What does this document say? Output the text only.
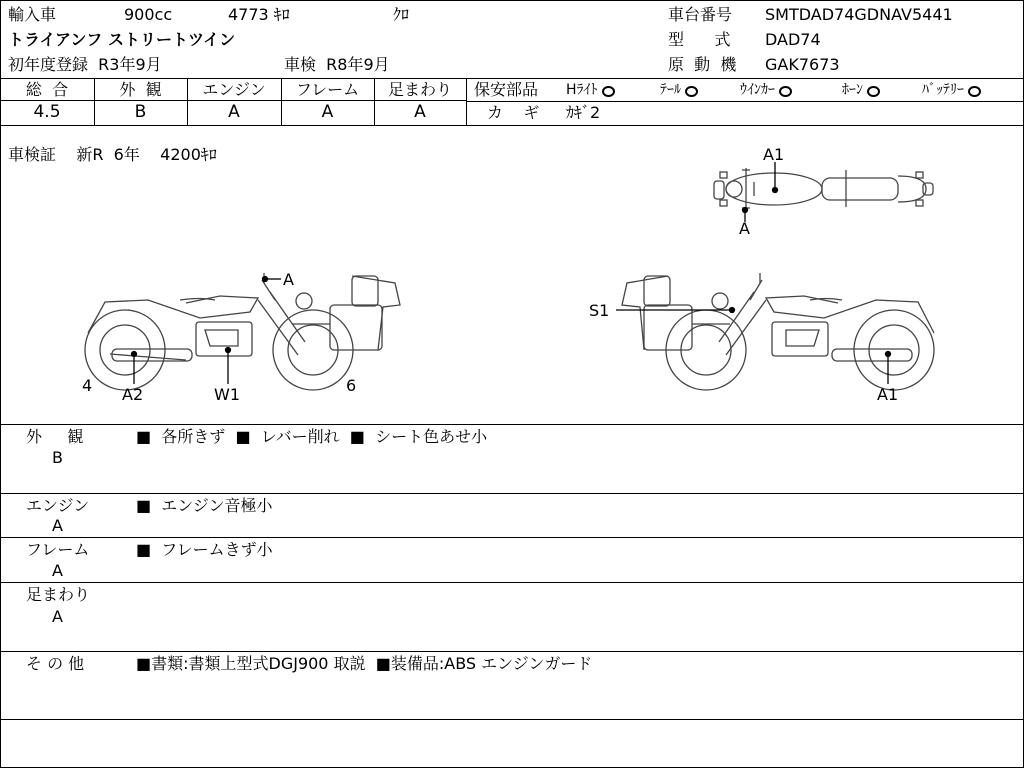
輸入車	900cc	4773 ｷﾛ	ｸﾛ	車台番号 SMTDAD74GDNAV5441
トライアンフ ストリートツイン	型      式 DAD74
初年度登録  R3年9月	車検  R8年9月	原  動  機 GAK7673
総  合	外  観	エンジン	フレーム	足まわり
4.5	B	A	A	A
保安部品 Hﾗｲﾄ	ﾃｰﾙ	ｳｲﾝｶｰ	ﾎｰﾝ	ﾊﾞｯﾃﾘｰ
カ    ギ ｶｷﾞ2
車検証    新R  6年    4200ｷﾛ	A1
A
A
4 A2	W1	6
S1
A1
外     観
B
■  各所きず  ■  レバー削れ  ■  シート色あせ小
エンジン
A
■  エンジン音極小
フレーム
A
■  フレームきず小
足まわり
A
そ の 他	■書類:書類上型式DGJ900 取説  ■装備品:ABS エンジンガード
